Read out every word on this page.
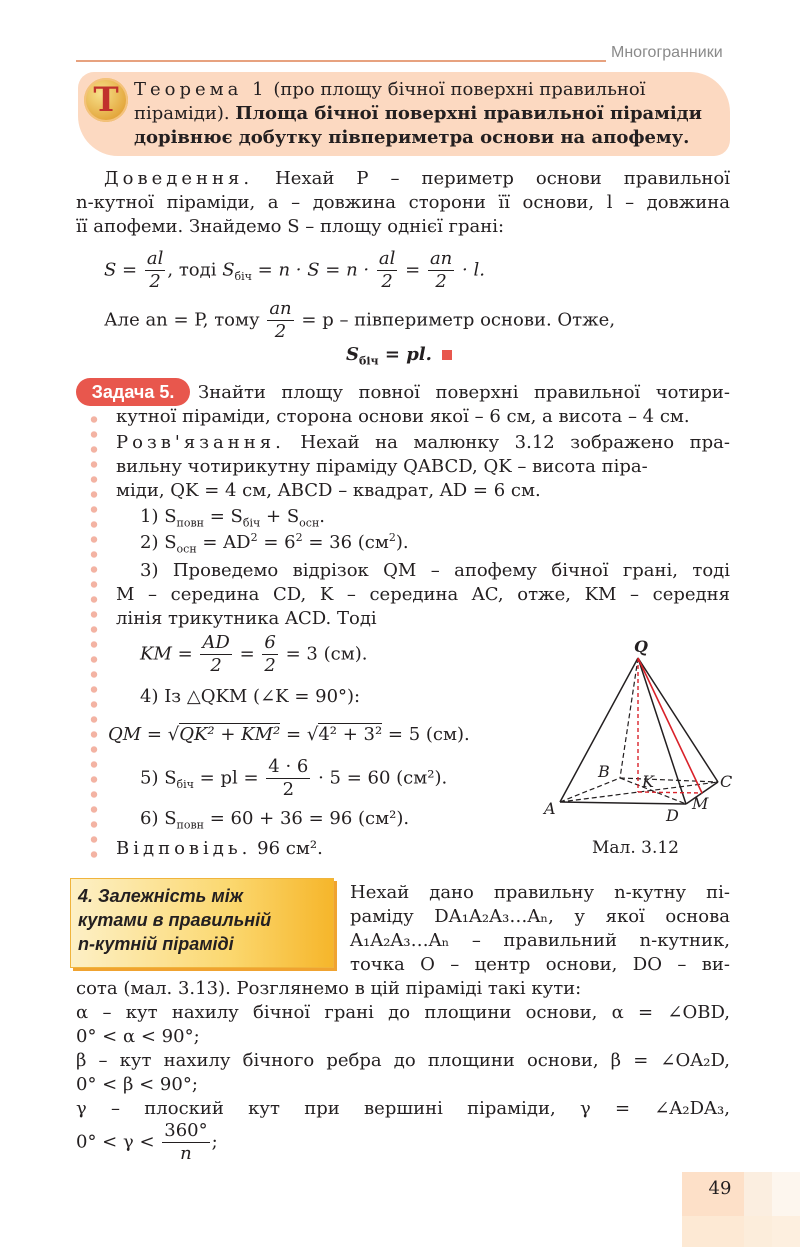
Многогранники
T Теорема 1 (про площу бічної поверхні правильної піраміди). Площа бічної поверхні правильної піраміди дорівнює добутку півпериметра основи на апофему.
Доведення. Нехай P – периметр основи правильної
n-кутної піраміди, a – довжина сторони її основи, l – довжина
її апофеми. Знайдемо S – площу однієї грані:
$S = \frac{al}{2}$ , тоді $S_{біч} = n \cdot S = n \cdot \frac{al}{2} = \frac{an}{2} \cdot l$.
Але an = P, тому $\frac{an}{2} = p$ – півпериметр основи. Отже,
$S_{біч}$ = pl.
Задача 5.	Знайти площу повної поверхні правильної чотири-
кутної піраміди, сторона основи якої – 6 см, а висота – 4 см.
Розв'язання. Нехай на малюнку 3.12 зображено пра-
вильну чотирикутну піраміду QABCD, QK – висота пірa-
міди, QK = 4 см, ABCD – квадрат, AD = 6 см.
1) $S_{повн} = S_{біч} + S_{осн}$.
2) $S_{осн} = AD^2 = 6^2 = 36$ $(см^2)$.
3) Проведемо відрізок QM – апофему бічної грані, тоді
M – середина CD, K – середина AC, отже, KM – середня
лінія трикутника ACD. Тоді
KM = $\frac{AD}{2} = \frac{6}{2} = 3$ (см).
4) Із △QKM (∠K = 90°):
QM = √QK² + KM² = √4² + 3² = 5 (см).
5) $S_{біч}$ = pl = $\frac{4 \cdot 6}{2} \cdot 5 = 60$ (см²).
6) $S_{повн} = 60 + 36 = 96$ (см²).
Відповідь. 96 см².
Q
A
B
C
D
K
M
Мал. 3.12
4. Залежність між
кутами в правильній
n-кутній піраміді
Нехай дано правильну n-кутну пі-
раміду DA₁A₂A₃…Aₙ, у якої основа
A₁A₂A₃…Aₙ – правильний n-кутник,
точка O – центр основи, DO – ви-
сота (мал. 3.13). Розглянемо в цій піраміді такі кути:
α – кут нахилу бічної грані до площини основи, α = ∠OBD,
0° < α < 90°;
β – кут нахилу бічного ребра до площини основи, β = ∠OA₂D,
0° < β < 90°;
γ – плоский кут при вершині піраміди, γ = ∠A₂DA₃,
$0^\circ < \gamma < \frac{360^\circ}{n}$ ;
49
